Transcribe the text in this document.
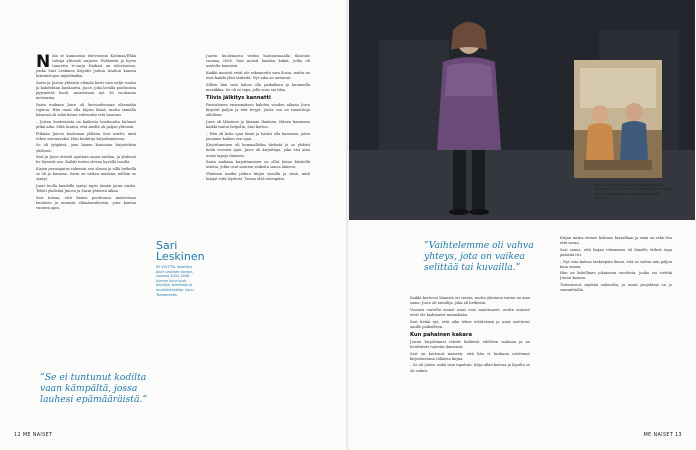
N äin se kannustaa televisiosta Kotimaa/Ehkä tuttuja yhteisiä sarjasta. Pulitzerin ja hyvin tunnettu tv-sarja Haihari on televisiossa, jonka Sari Leskinen kirjoitti Joulun Availun kanssa lukemistojen näytelmäksi.

Sarin ja Juicen yhteistä elämää kesti vain neljä vuotta ja kahdeksan kuukautta. Juice, joka lavalla puolisonsa pyynnöstä kuoli, muistetaan nyt 56 vuotiaana mestarina.

Sarin mukaan Juice oli luovuudessaan eläessään rajaton. Hän osasi olla täysin läsnä, mutta samalla hänessä oli sekä kovaa vahvuutta että hauraus.

– Juicen kuolemasta on kaikesta huolimatta kulunut pitkä aika. Siltä tuntuu, että meillä oli paljon yhteistä.

Pitkään Juicen kuoleman jälkeen Sari mietti, mitä tekee seuraavaksi. Hän keskittyi kirjoittamiseen.

Se oli työpäivä, jona hänen kanssaan kirjoitettiin yhdessä.

Sari ja Juice etsivät ajoittain omaa rauhaa, ja yhdessä he löysivät sen. Kaikki tuntui olevan hyvällä tavalla.

Kirjan perusajatus rakentui sen alussa ja sillä hetkellä se oli jo kasassa. Sarin on vaikea muistaa, milloin se syntyi.

Juuri tuolla kaudella syntyi myös tämän jutun runko. Teksti yhdistää Juicen ja Sarin yhteistä aikaa.

Sari toteaa, että hänen puolisonsa muistetaan lauluista ja monista elämänvaiheista, joita kantaa vuosien ajan.

”Se ei tuntunut kodilta vaan kämpältä, jossa lauhesi epämääräistä.”
Sari
Leskinen
62 VUOTTA. Avioliitto Juice Leskisen kanssa vuosina 2004–2006, kunnes Juice kuoli. Kirjailija, toimittaja ja musiikkikirjailija. Asuu Tampereella.

Juicen kuolemasta vietiin hautausmaalla tilaisuus vuonna 2004. Sari muisti haudan kukat, jotka oli aseteltu kauniisti.

Kaikki muistot eivät ole rakennettu vain ilosta, mutta ne ovat kaikki yhtä tärkeitä. Nyt aika on auttanut.

Silloin hän vain halusi olla paikallaan ja kuunnella musiikkia. Se oli se tapa, jolla suru sai tilaa.

Tiivis jälkitys kannatti

Parisuhteen ensimmäisen kahden vuoden aikana Juice kirjoitti paljon ja teki levyjä, joista osa on tunnettuja edelleen.

Juice oli läheinen ja lämmin ihminen. Hänen kanssaan kaikki tuntui helpolta, Sari kertoo.

– Hän oli koko ajan läsnä ja halusi olla kanssani, joten jaoimme kaiken sen ajan.

Kirjoittaminen oli kummallekin tärkeää ja se yhdisti heitä vuosien ajan. Juice oli kirjoittaja, joka etsi aina uusia tapoja ilmaista.

Sarin mukaan kirjoittaminen on ollut keino käsitellä asioita, jotka ovat muuten vaikeita sanoa ääneen.

Yhteinen matka jatkuu kirjan sivuilla ja siinä, mitä lukijat siitä löytävät. Tarina elää eteenpäin.

12 ME NAISET
Sari ja Juice matkustelivat paljon yhdessä. Kuvassa he ovat Juicen synnyinkodissa vuonna 2004. Juicen kotiseutu oli hänelle tärkeä paikka.
”Vaihtelemme oli vahva yhteys, jota on vaikea selittää tai kuvailla.”

Kaikki kertovat hänestä eri tavoin, mutta yhteinen tarina on aina sama: Juice oli taiteilija, joka eli hetkessä.

Vuosien varrella monet asiat ovat muuttuneet, mutta muistot eivät ole kadonneet minnekään.

Sari tietää nyt, että aika tekee tehtävänsä ja asiat asettuvat omille paikoilleen.

Kun pahainen kakara

Juicen kirjoittamat tekstit kulkevat edelleen mukana ja ne herättävät tunteita ihmisissä.

Sari on kertonut monesti, että hän ei koskaan odottanut kirjoittavansa tällaista kirjaa.

– Se oli jotain, mikä vain tapahtui. Kirja alkoi kasvaa ja lopulta se oli valmis.

Kirjan tarina etenee kohtaus kerrallaan ja siinä on sekä iloa että surua.

Sari sanoo, että kirjan tekeminen oli hänelle tärkeä tapa päästää irti.

– Nyt voin katsoa taaksepäin ilman, että se sattuu niin paljon kuin ennen.

Hän on kiitollinen jokaisesta vuodesta, jonka sai viettää Juicen kanssa.

Tulevaisuus näyttää valoisalta, ja uusia projekteja on jo suunnitteilla.

ME NAISET 13
